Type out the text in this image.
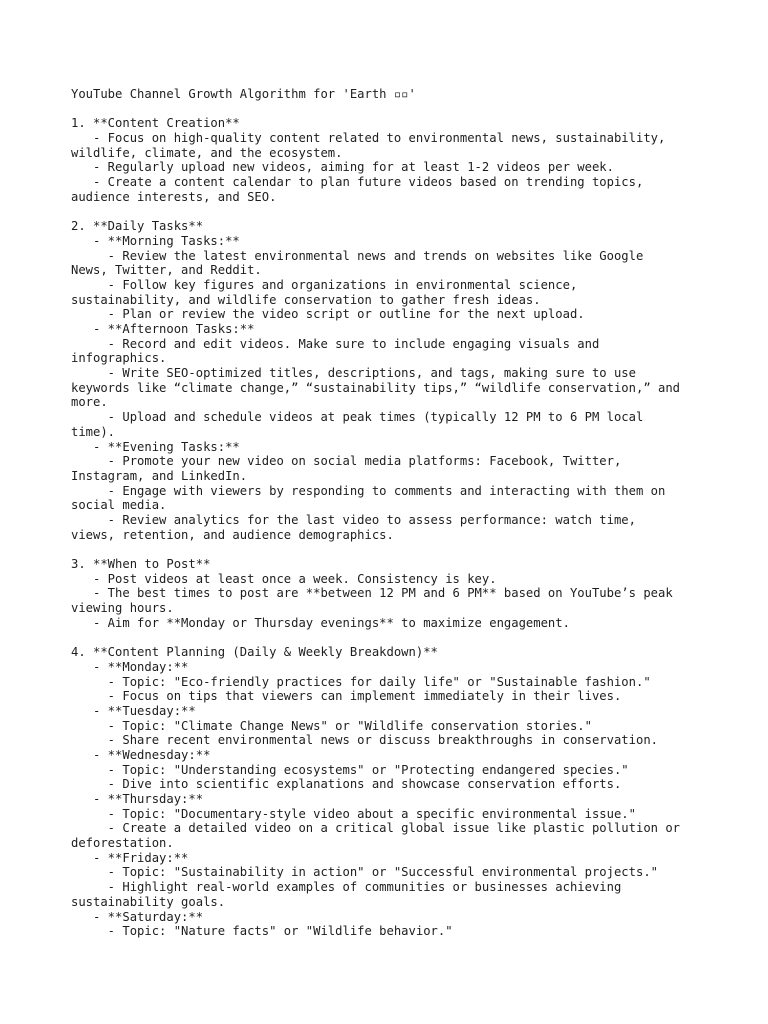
YouTube Channel Growth Algorithm for 'Earth ▫▫'
1. **Content Creation**
- Focus on high-quality content related to environmental news, sustainability,
wildlife, climate, and the ecosystem.
- Regularly upload new videos, aiming for at least 1-2 videos per week.
- Create a content calendar to plan future videos based on trending topics,
audience interests, and SEO.
2. **Daily Tasks**
- **Morning Tasks:**
- Review the latest environmental news and trends on websites like Google
News, Twitter, and Reddit.
- Follow key figures and organizations in environmental science,
sustainability, and wildlife conservation to gather fresh ideas.
- Plan or review the video script or outline for the next upload.
- **Afternoon Tasks:**
- Record and edit videos. Make sure to include engaging visuals and
infographics.
- Write SEO-optimized titles, descriptions, and tags, making sure to use
keywords like “climate change,” “sustainability tips,” “wildlife conservation,” and
more.
- Upload and schedule videos at peak times (typically 12 PM to 6 PM local
time).
- **Evening Tasks:**
- Promote your new video on social media platforms: Facebook, Twitter,
Instagram, and LinkedIn.
- Engage with viewers by responding to comments and interacting with them on
social media.
- Review analytics for the last video to assess performance: watch time,
views, retention, and audience demographics.
3. **When to Post**
- Post videos at least once a week. Consistency is key.
- The best times to post are **between 12 PM and 6 PM** based on YouTube’s peak
viewing hours.
- Aim for **Monday or Thursday evenings** to maximize engagement.
4. **Content Planning (Daily & Weekly Breakdown)**
- **Monday:**
- Topic: "Eco-friendly practices for daily life" or "Sustainable fashion."
- Focus on tips that viewers can implement immediately in their lives.
- **Tuesday:**
- Topic: "Climate Change News" or "Wildlife conservation stories."
- Share recent environmental news or discuss breakthroughs in conservation.
- **Wednesday:**
- Topic: "Understanding ecosystems" or "Protecting endangered species."
- Dive into scientific explanations and showcase conservation efforts.
- **Thursday:**
- Topic: "Documentary-style video about a specific environmental issue."
- Create a detailed video on a critical global issue like plastic pollution or
deforestation.
- **Friday:**
- Topic: "Sustainability in action" or "Successful environmental projects."
- Highlight real-world examples of communities or businesses achieving
sustainability goals.
- **Saturday:**
- Topic: "Nature facts" or "Wildlife behavior."
